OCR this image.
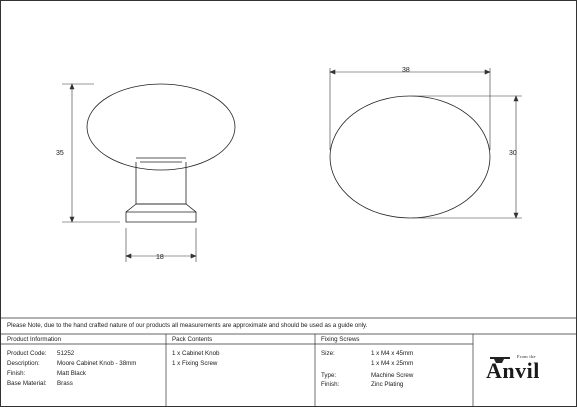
35
18
38
30
Please Note, due to the hand crafted nature of our products all measurements are approximate and should be used as a guide only.
Product Information
Product Code: 51252
Description:	Moore Cabinet Knob - 38mm
Finish:	Matt Black
Base Material: Brass
Pack Contents
1 x Cabinet Knob
1 x Fixing Screw
Fixing Screws
Size:	1 x M4 x 45mm
1 x M4 x 25mm
Type:	Machine Screw
Finish:	Zinc Plating
From the
Anvil
